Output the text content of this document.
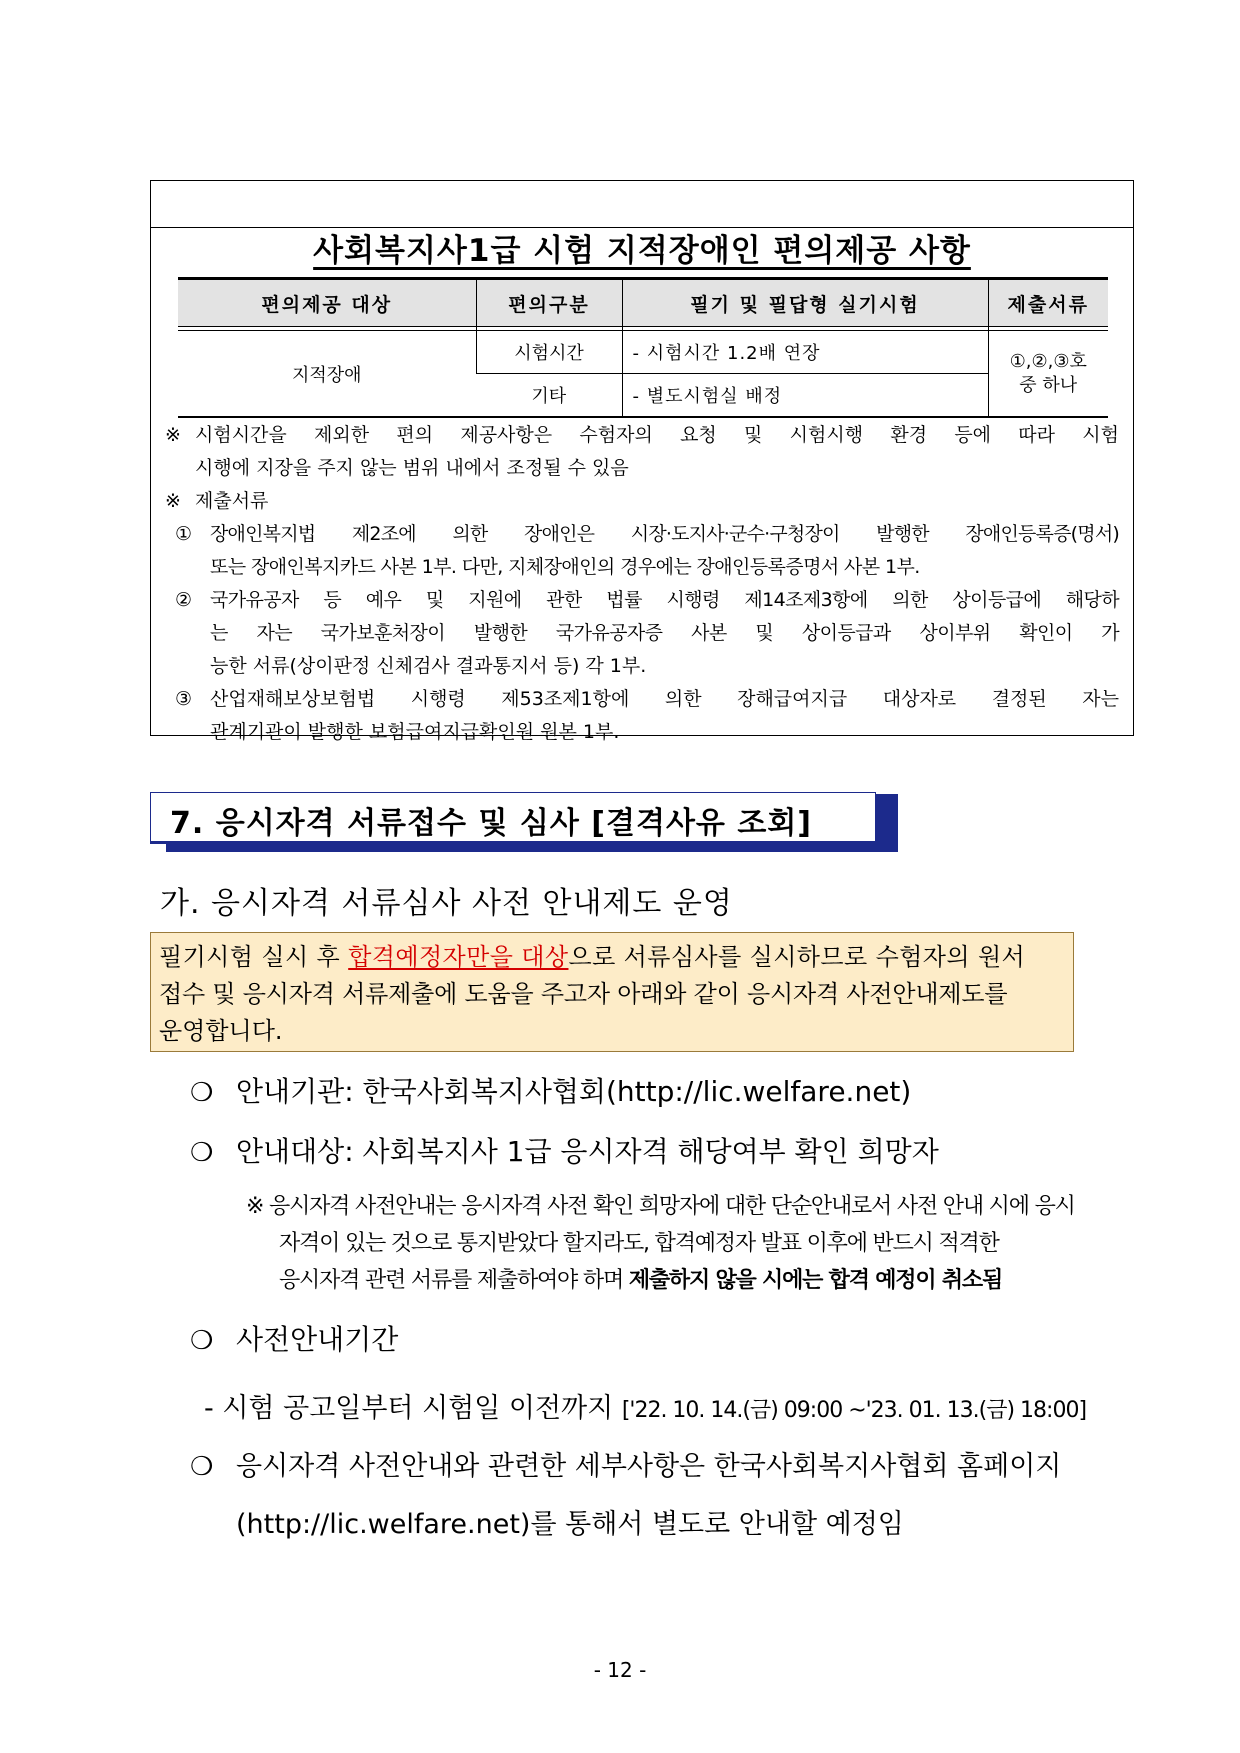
사회복지사1급 시험 지적장애인 편의제공 사항
편의제공 대상	편의구분	필기 및 필답형 실기시험	제출서류

지적장애	시험시간	- 시험시간 1.2배 연장	①,②,③호
중 하나
	기타	- 별도시험실 배정	
※ 시험시간을 제외한 편의 제공사항은 수험자의 요청 및 시험시행 환경 등에 따라 시험
시행에 지장을 주지 않는 범위 내에서 조정될 수 있음
※ 제출서류
① 장애인복지법 제2조에 의한 장애인은 시장·도지사·군수·구청장이 발행한 장애인등록증(명서)
또는 장애인복지카드 사본 1부. 다만, 지체장애인의 경우에는 장애인등록증명서 사본 1부.
② 국가유공자 등 예우 및 지원에 관한 법률 시행령 제14조제3항에 의한 상이등급에 해당하
는 자는 국가보훈처장이 발행한 국가유공자증 사본 및 상이등급과 상이부위 확인이 가
능한 서류(상이판정 신체검사 결과통지서 등) 각 1부.
③ 산업재해보상보험법 시행령 제53조제1항에 의한 장해급여지급 대상자로 결정된 자는
관계기관이 발행한 보험급여지급확인원 원본 1부.
7. 응시자격 서류접수 및 심사 [결격사유 조회]
가. 응시자격 서류심사 사전 안내제도 운영
필기시험 실시 후 합격예정자만을 대상으로 서류심사를 실시하므로 수험자의 원서
접수 및 응시자격 서류제출에 도움을 주고자 아래와 같이 응시자격 사전안내제도를
운영합니다.
❍ 안내기관: 한국사회복지사협회(http://lic.welfare.net)
❍ 안내대상: 사회복지사 1급 응시자격 해당여부 확인 희망자
※ 응시자격 사전안내는 응시자격 사전 확인 희망자에 대한 단순안내로서 사전 안내 시에 응시
자격이 있는 것으로 통지받았다 할지라도, 합격예정자 발표 이후에 반드시 적격한
응시자격 관련 서류를 제출하여야 하며 제출하지 않을 시에는 합격 예정이 취소됨
❍ 사전안내기간
- 시험 공고일부터 시험일 이전까지 ['22. 10. 14.(금) 09:00 ~'23. 01. 13.(금) 18:00]
❍ 응시자격 사전안내와 관련한 세부사항은 한국사회복지사협회 홈페이지
(http://lic.welfare.net)를 통해서 별도로 안내할 예정임
- 12 -
